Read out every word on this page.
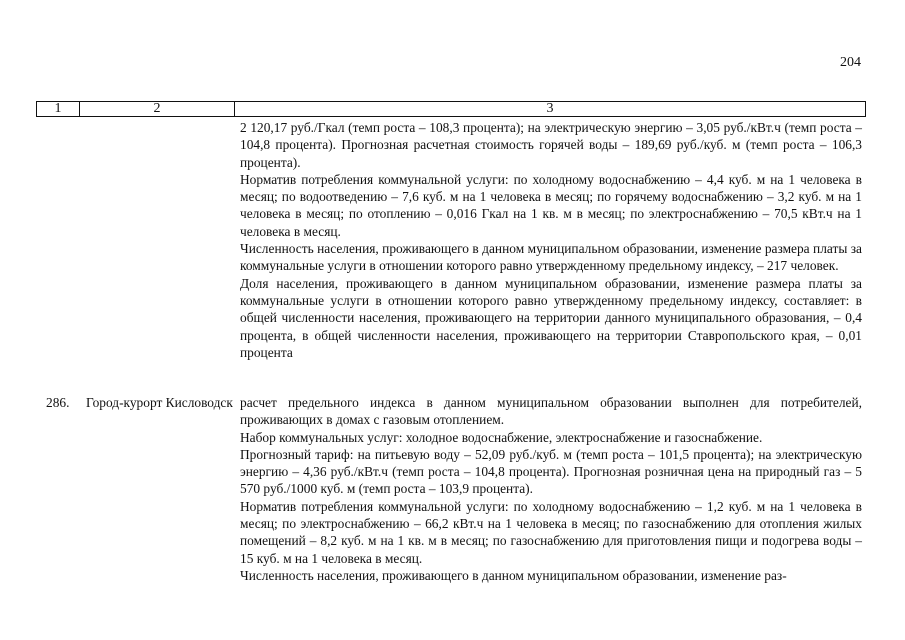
204
1	2	3

2 120,17 руб./Гкал (темп роста – 108,3 процента); на электрическую энергию – 3,05 руб./кВт.ч (темп роста – 104,8 процента). Прогнозная расчетная стоимость горячей воды – 189,69 руб./куб. м (темп роста – 106,3 процента).

Норматив потребления коммунальной услуги: по холодному водоснабжению – 4,4 куб. м на 1 человека в месяц; по водоотведению – 7,6 куб. м на 1 человека в месяц; по горячему водоснабжению – 3,2 куб. м на 1 человека в месяц; по отоплению – 0,016 Гкал на 1 кв. м в месяц; по электроснабжению – 70,5 кВт.ч на 1 человека в месяц.

Численность населения, проживающего в данном муниципальном образовании, изменение размера платы за коммунальные услуги в отношении которого равно утвержденному предельному индексу, – 217 человек.

Доля населения, проживающего в данном муниципальном образовании, изменение размера платы за коммунальные услуги в отношении которого равно утвержденному предельному индексу, составляет: в общей численности населения, проживающего на территории данного муниципального образования, – 0,4 процента, в общей численности населения, проживающего на территории Ставропольского края, – 0,01 процента

286. Город-курорт Кисловодск расчет предельного индекса в данном муниципальном образовании выполнен для потребителей, проживающих в домах с газовым отоплением.

Набор коммунальных услуг: холодное водоснабжение, электроснабжение и газоснабжение.

Прогнозный тариф: на питьевую воду – 52,09 руб./куб. м (темп роста – 101,5 процента); на электрическую энергию – 4,36 руб./кВт.ч (темп роста – 104,8 процента). Прогнозная розничная цена на природный газ – 5 570 руб./1000 куб. м (темп роста – 103,9 процента).

Норматив потребления коммунальной услуги: по холодному водоснабжению – 1,2 куб. м на 1 человека в месяц; по электроснабжению – 66,2 кВт.ч на 1 человека в месяц; по газоснабжению для отопления жилых помещений – 8,2 куб. м на 1 кв. м в месяц; по газоснабжению для приготовления пищи и подогрева воды – 15 куб. м на 1 человека в месяц.

Численность населения, проживающего в данном муниципальном образовании, изменение раз-
